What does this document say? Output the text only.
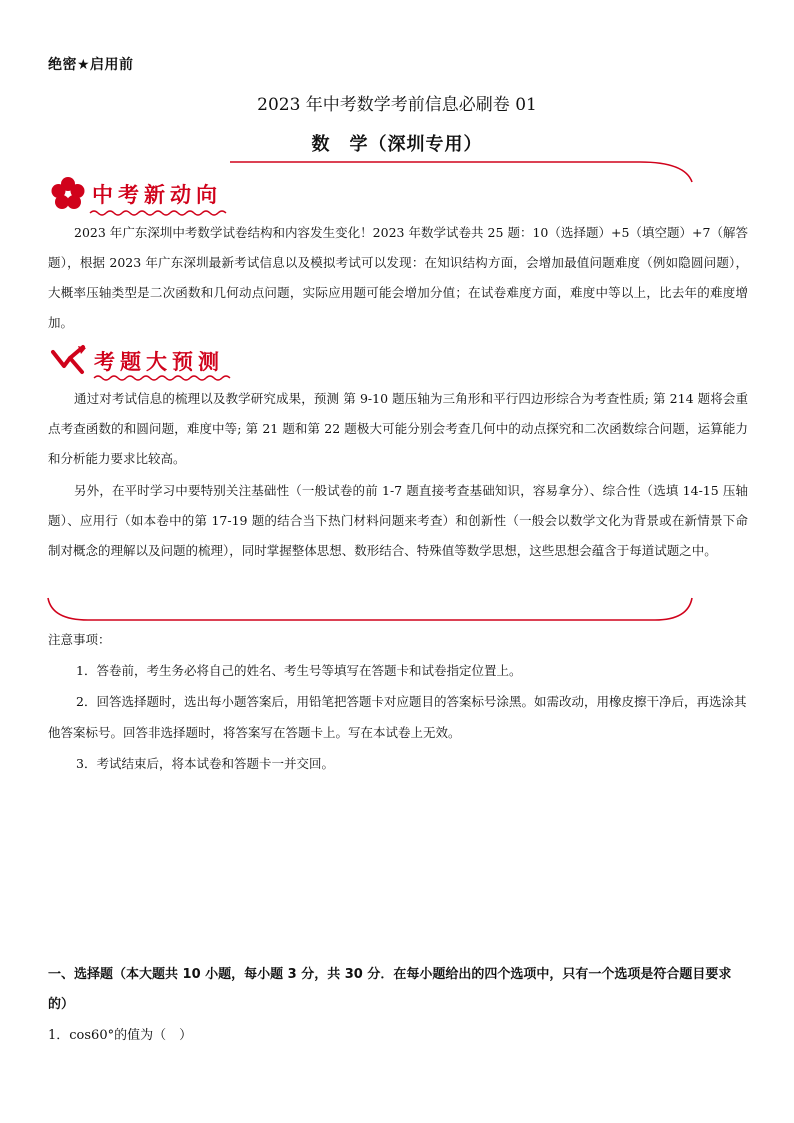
绝密★启用前
2023 年中考数学考前信息必刷卷 01
数　学（深圳专用）
中考新动向
2023 年广东深圳中考数学试卷结构和内容发生变化！2023 年数学试卷共 25 题：10（选择题）+5（填空题）+7（解答题），根据 2023 年广东深圳最新考试信息以及模拟考试可以发现：在知识结构方面，会增加最值问题难度（例如隐圆问题），大概率压轴类型是二次函数和几何动点问题，实际应用题可能会增加分值；在试卷难度方面，难度中等以上，比去年的难度增加。
考题大预测
通过对考试信息的梳理以及教学研究成果，预测 第 9-10 题压轴为三角形和平行四边形综合为考查性质; 第 214 题将会重点考查函数的和圆问题，难度中等; 第 21 题和第 22 题极大可能分别会考查几何中的动点探究和二次函数综合问题，运算能力和分析能力要求比较高。
另外，在平时学习中要特别关注基础性（一般试卷的前 1-7 题直接考查基础知识，容易拿分）、综合性（选填 14-15 压轴题）、应用行（如本卷中的第 17-19 题的结合当下热门材料问题来考查）和创新性（一般会以数学文化为背景或在新情景下命制对概念的理解以及问题的梳理），同时掌握整体思想、数形结合、特殊值等数学思想，这些思想会蕴含于每道试题之中。

注意事项：

1．答卷前，考生务必将自己的姓名、考生号等填写在答题卡和试卷指定位置上。

2．回答选择题时，选出每小题答案后，用铅笔把答题卡对应题目的答案标号涂黑。如需改动，用橡皮擦干净后，再选涂其他答案标号。回答非选择题时，将答案写在答题卡上。写在本试卷上无效。

3．考试结束后，将本试卷和答题卡一并交回。

一、选择题（本大题共 10 小题，每小题 3 分，共 30 分．在每小题给出的四个选项中，只有一个选项是符合题目要求的）
1．cos60°的值为（　）
